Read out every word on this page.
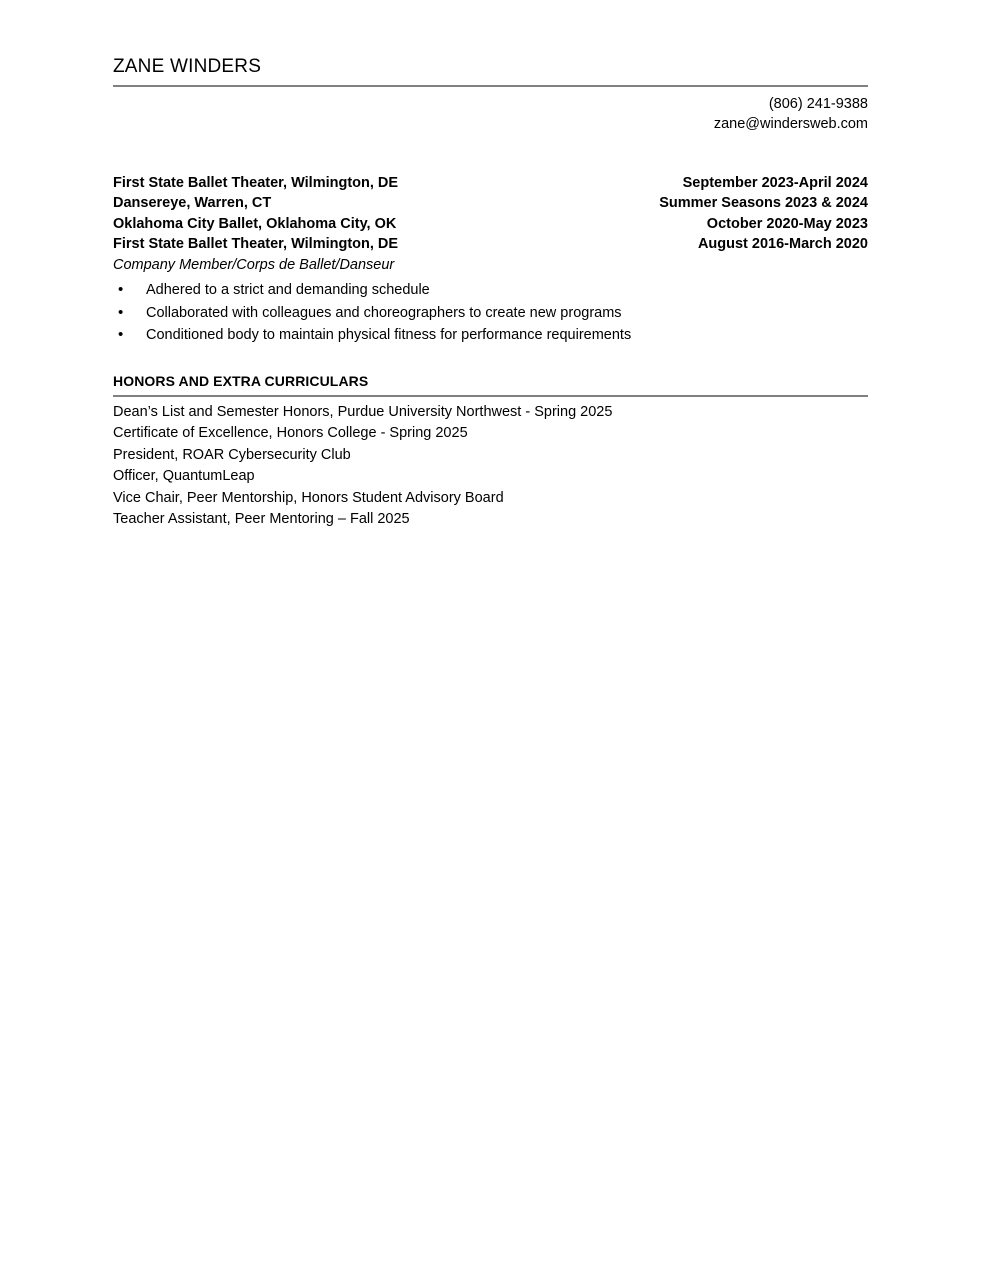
ZANE WINDERS
(806) 241-9388
zane@windersweb.com
First State Ballet Theater, Wilmington, DE	September 2023-April 2024
Dansereye, Warren, CT	Summer Seasons 2023 & 2024
Oklahoma City Ballet, Oklahoma City, OK	October 2020-May 2023
First State Ballet Theater, Wilmington, DE	August 2016-March 2020
Company Member/Corps de Ballet/Danseur
• Adhered to a strict and demanding schedule
• Collaborated with colleagues and choreographers to create new programs
• Conditioned body to maintain physical fitness for performance requirements
HONORS AND EXTRA CURRICULARS
Dean’s List and Semester Honors, Purdue University Northwest - Spring 2025
Certificate of Excellence, Honors College - Spring 2025
President, ROAR Cybersecurity Club
Officer, QuantumLeap
Vice Chair, Peer Mentorship, Honors Student Advisory Board
Teacher Assistant, Peer Mentoring – Fall 2025
